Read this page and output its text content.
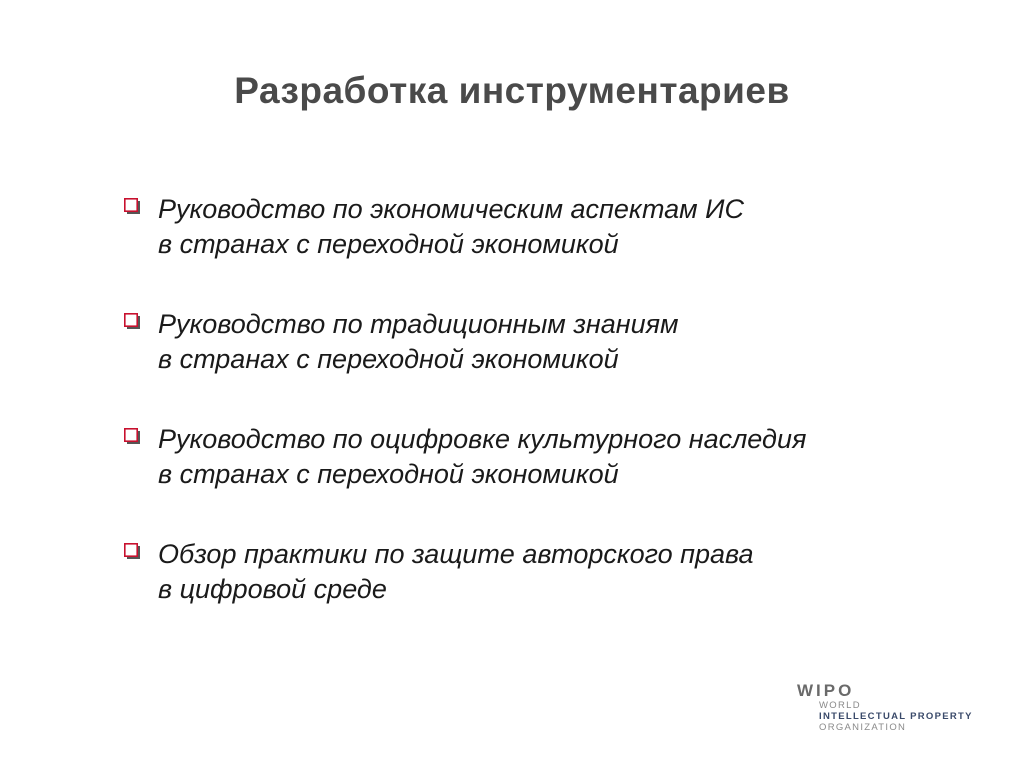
Разработка инструментариев
Руководство по экономическим аспектам ИС
в странах с переходной экономикой
Руководство по традиционным знаниям
в странах с переходной экономикой
Руководство по оцифровке культурного наследия
в странах с переходной экономикой
Обзор практики по защите авторского права
в цифровой среде
WIPO
WORLD
INTELLECTUAL PROPERTY
ORGANIZATION
